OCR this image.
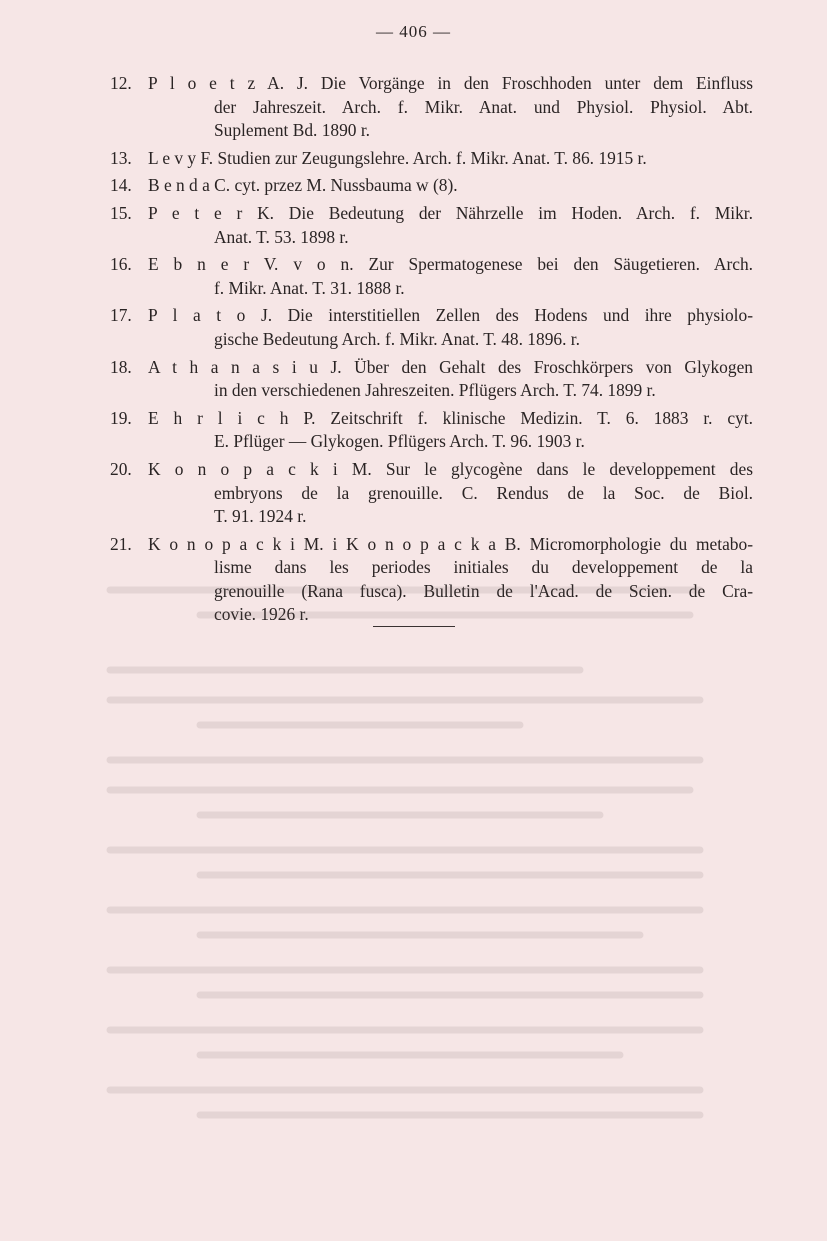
— 406 —
12. P l o e t z A. J. Die Vorgänge in den Froschhoden unter dem Einfluss
der Jahreszeit. Arch. f. Mikr. Anat. und Physiol. Physiol. Abt.
Suplement Bd. 1890 r.
13. L e v y F. Studien zur Zeugungslehre. Arch. f. Mikr. Anat. T. 86. 1915 r.
14. B e n d a C. cyt. przez M. Nussbauma w (8).
15. P e t e r K. Die Bedeutung der Nährzelle im Hoden. Arch. f. Mikr.
Anat. T. 53. 1898 r.
16. E b n e r V. v o n. Zur Spermatogenese bei den Säugetieren. Arch.
f. Mikr. Anat. T. 31. 1888 r.
17. P l a t o J. Die interstitiellen Zellen des Hodens und ihre physiolo-
gische Bedeutung Arch. f. Mikr. Anat. T. 48. 1896. r.
18. A t h a n a s i u J. Über den Gehalt des Froschkörpers von Glykogen
in den verschiedenen Jahreszeiten. Pflügers Arch. T. 74. 1899 r.
19. E h r l i c h P. Zeitschrift f. klinische Medizin. T. 6. 1883 r. cyt.
E. Pflüger — Glykogen. Pflügers Arch. T. 96. 1903 r.
20. K o n o p a c k i M. Sur le glycogène dans le developpement des
embryons de la grenouille. C. Rendus de la Soc. de Biol.
T. 91. 1924 r.
21. K o n o p a c k i M. i K o n o p a c k a B. Micromorphologie du metabo-
lisme dans les periodes initiales du developpement de la
grenouille (Rana fusca). Bulletin de l'Acad. de Scien. de Cra-
covie. 1926 r.
